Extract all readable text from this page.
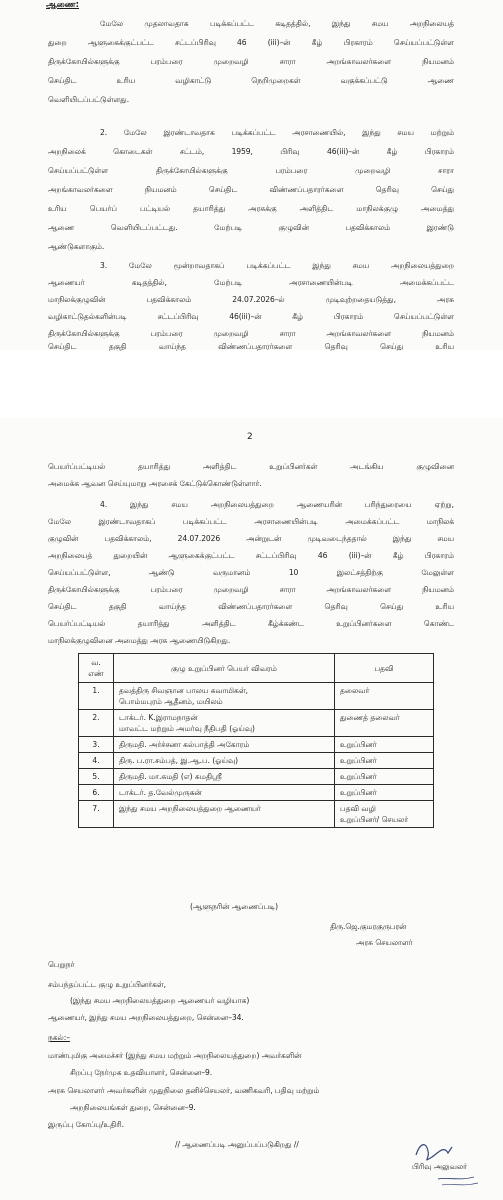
ஆணை:
மேலே முதலாவதாக படிக்கப்பட்ட கடிதத்தில், இந்து சமய அறநிலையத்
துறை ஆளுகைக்குட்பட்ட சட்டப்பிரிவு 46 (iii)–ன் கீழ் பிரகாரம் செய்யப்பட்டுள்ள
திருக்கோயில்களுக்கு பரம்பரை முறைவழி சாரா அறங்காவலர்களை நியமனம்
செய்திட உரிய வழிகாட்டு நெறிமுறைகள் வகுக்கப்பட்டு ஆணை
வெளியிடப்பட்டுள்ளது.
2. மேலே இரண்டாவதாக படிக்கப்பட்ட அரசாணையில், இந்து சமய மற்றும்
அறநிலைக் கொடைகள் சட்டம், 1959, பிரிவு 46(iii)–ன் கீழ் பிரகாரம்
செய்யப்பட்டுள்ள திருக்கோயில்களுக்கு பரம்பரை முறைவழி சாரா
அறங்காவலர்களை நியமனம் செய்திட விண்ணப்பதாரர்களை தெரிவு செய்து
உரிய பெயர்ப் பட்டியல் தயாரித்து அரசுக்கு அளித்திட மாநிலக்குழு அமைத்து
ஆணை வெளியிடப்பட்டது. மேற்படி குழுவின் பதவிக்காலம் இரண்டு
ஆண்டுகளாகும்.
3. மேலே மூன்றாவதாகப் படிக்கப்பட்ட இந்து சமய அறநிலையத்துறை
ஆணையர் கடிதத்தில், மேற்படி அரசாணையின்படி அமைக்கப்பட்ட
மாநிலக்குழுவின் பதவிக்காலம் 24.07.2026–ல் முடிவுற்றதையடுத்து, அரசு
வழிகாட்டுதல்களின்படி சட்டப்பிரிவு 46(iii)–ன் கீழ் பிரகாரம் செய்யப்பட்டுள்ள
திருக்கோயில்களுக்கு பரம்பரை முறைவழி சாரா அறங்காவலர்களை நியமனம்
செய்திட தகுதி வாய்ந்த விண்ணப்பதாரர்களை தெரிவு செய்து உரிய
2
பெயர்ப்பட்டியல் தயாரித்து அளித்திட உறுப்பினர்கள் அடங்கிய குழுவினை
அமைக்க ஆவன செய்யுமாறு அரசைக் கேட்டுக்கொண்டுள்ளார்.
4. இந்து சமய அறநிலையத்துறை ஆணையரின் பரிந்துரையை ஏற்று,
மேலே இரண்டாவதாகப் படிக்கப்பட்ட அரசாணையின்படி அமைக்கப்பட்ட மாநிலக்
குழுவின் பதவிக்காலம், 24.07.2026 அன்றுடன் முடிவடைந்ததால் இந்து சமய
அறநிலையத் துறையின் ஆளுகைக்குட்பட்ட சட்டப்பிரிவு 46 (iii)–ன் கீழ் பிரகாரம்
செய்யப்பட்டுள்ள, ஆண்டு வருமானம் 10 இலட்சத்திற்கு மேலுள்ள
திருக்கோயில்களுக்கு பரம்பரை முறைவழி சாரா அறங்காவலர்களை நியமனம்
செய்திட தகுதி வாய்ந்த விண்ணப்பதாரர்களை தெரிவு செய்து உரிய
பெயர்ப்பட்டியல் தயாரித்து அளித்திட கீழ்க்கண்ட உறுப்பினர்களை கொண்ட
மாநிலக்குழுவினை அமைத்து அரசு ஆணையிடுகிறது.
வ. எண்	குழு உறுப்பினர் பெயர் விவரம்	பதவி
1.	தவத்திரு சிவஞான பாலய சுவாமிகள்,
பொம்மபுரம் ஆதீனம், மயிலம்	தலைவர்
2.	டாக்டர். K.இராமநாதன்
மாவட்ட மற்றும் அமர்வு நீதிபதி (ஓய்வு)	துணைத் தலைவர்
3.	திருமதி. அர்ச்சனா கல்பாத்தி அகோரம்	உறுப்பினர்
4.	திரு. ப.ரா.சம்பத், இ.ஆ.ப. (ஓய்வு)	உறுப்பினர்
5.	திருமதி. மா.சுமதி (எ) சுமதிஸ்ரீ	உறுப்பினர்
6.	டாக்டர். த.வேல்முருகன்	உறுப்பினர்
7.	இந்து சமய அறநிலையத்துறை ஆணையர்	பதவி வழி
உறுப்பினர்/ செயலர்
(ஆளுநரின் ஆணைப்படி)
திரு.ஜெ.குமரகுருபரன்
அரசு செயலாளர்
பெறுநர்
சம்பந்தப்பட்ட குழு உறுப்பினர்கள்,
(இந்து சமய அறநிலையத்துறை ஆணையர் வழியாக)
ஆணையர், இந்து சமய அறநிலையத்துறை, சென்னை–34.
நகல்:–
மாண்புமிகு அமைச்சர் (இந்து சமய மற்றும் அறநிலையத்துறை) அவர்களின்
சிறப்பு நேர்முக உதவியாளர், சென்னை–9.
அரசு செயலாளர் அவர்களின் முதுநிலை தனிச்செயலர், வணிகவரி, பதிவு மற்றும்
அறநிலையங்கள் துறை, சென்னை–9.
இருப்பு கோப்பு/உதிரி.
// ஆணைப்படி அனுப்பப்படுகிறது //
பிரிவு அலுவலர்
